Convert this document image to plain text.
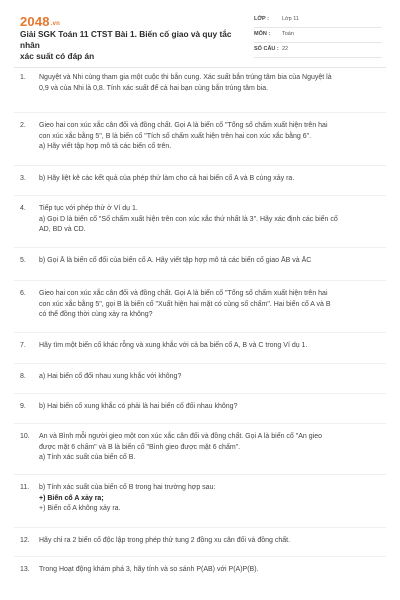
2048.vn
Giải SGK Toán 11 CTST Bài 1. Biến cố giao và quy tắc nhân
xác suất có đáp án
LỚP : Lớp 11
MÔN : Toán
SỐ CÂU : 22
1. Nguyệt và Nhi cùng tham gia một cuộc thi bắn cung. Xác suất bắn trúng tâm bia của Nguyệt là
0,9 và của Nhi là 0,8. Tính xác suất để cả hai bạn cùng bắn trúng tâm bia.
2. Gieo hai con xúc xắc cân đối và đồng chất. Gọi A là biến cố "Tổng số chấm xuất hiện trên hai
con xúc xắc bằng 5", B là biến cố "Tích số chấm xuất hiện trên hai con xúc xắc bằng 6".
a) Hãy viết tập hợp mô tả các biến cố trên.
3. b) Hãy liệt kê các kết quả của phép thử làm cho cả hai biến cố A và B cùng xảy ra.
4. Tiếp tục với phép thử ở Ví dụ 1.
a) Gọi D là biến cố "Số chấm xuất hiện trên con xúc xắc thứ nhất là 3". Hãy xác định các biến cố
AD, BD và CD.
5. b) Gọi Ā là biến cố đối của biến cố A. Hãy viết tập hợp mô tả các biến cố giao ĀB và ĀC
6. Gieo hai con xúc xắc cân đối và đồng chất. Gọi A là biến cố "Tổng số chấm xuất hiện trên hai
con xúc xắc bằng 5", gọi B là biến cố "Xuất hiện hai mặt có cùng số chấm". Hai biến cố A và B
có thể đồng thời cùng xảy ra không?
7. Hãy tìm một biến cố khác rỗng và xung khắc với cả ba biến cố A, B và C trong Ví dụ 1.
8. a) Hai biến cố đối nhau xung khắc với không?
9. b) Hai biến cố xung khắc có phải là hai biến cố đối nhau không?
10. An và Bình mỗi người gieo một con xúc xắc cân đối và đồng chất. Gọi A là biến cố "An gieo
được mặt 6 chấm" và B là biến cố "Bình gieo được mặt 6 chấm".
a) Tính xác suất của biến cố B.
11. b) Tính xác suất của biến cố B trong hai trường hợp sau:
+) Biến cố A xảy ra;
+) Biến cố A không xảy ra.
12. Hãy chỉ ra 2 biến cố độc lập trong phép thử tung 2 đồng xu cân đối và đồng chất.
13. Trong Hoạt động khám phá 3, hãy tính và so sánh P(AB) với P(A)P(B).
